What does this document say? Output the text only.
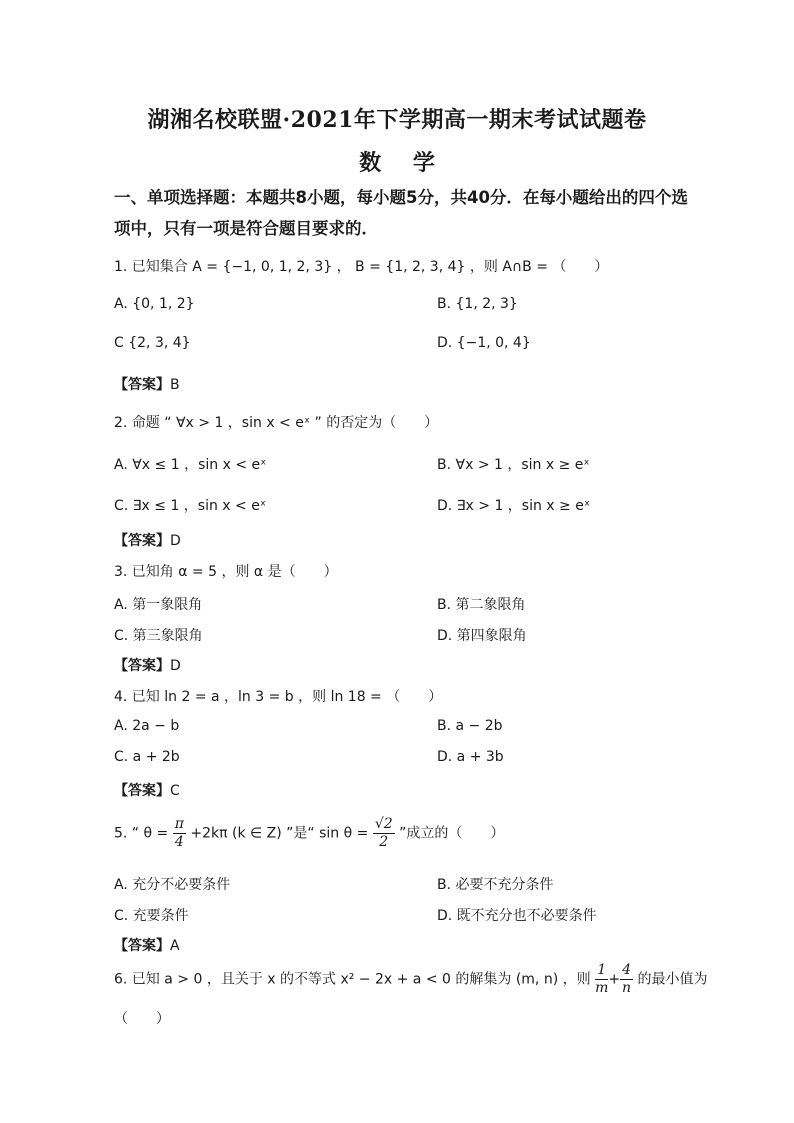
湖湘名校联盟·2021年下学期高一期末考试试题卷
数 学
一、单项选择题：本题共8小题，每小题5分，共40分．在每小题给出的四个选项中，只有一项是符合题目要求的．
1. 已知集合 A = {−1, 0, 1, 2, 3} ， B = {1, 2, 3, 4} ，则 A∩B = （　　）
A. {0, 1, 2}	B. {1, 2, 3}
C {2, 3, 4}	D. {−1, 0, 4}
【答案】B
2. 命题 “ ∀x > 1 ，sin x < eˣ ” 的否定为（　　）
A. ∀x ≤ 1 ，sin x < eˣ	B. ∀x > 1 ，sin x ≥ eˣ
C. ∃x ≤ 1 ，sin x < eˣ	D. ∃x > 1 ，sin x ≥ eˣ
【答案】D
3. 已知角 α = 5 ，则 α 是（　　）
A. 第一象限角	B. 第二象限角
C. 第三象限角	D. 第四象限角
【答案】D
4. 已知 ln 2 = a ，ln 3 = b ，则 ln 18 = （　　）
A. 2a − b	B. a − 2b
C. a + 2b	D. a + 3b
【答案】C
5. “ $\theta = \frac{\pi}{4} +2k\pi$ (k ∈ Z) ”是“ $\sin \theta = \frac{√2}{2}$ ”成立的（　　）
A. 充分不必要条件	B. 必要不充分条件
C. 充要条件	D. 既不充分也不必要条件
【答案】A
6. 已知 a > 0 ，且关于 x 的不等式 x² − 2x + a < 0 的解集为 (m, n) ，则 $\frac{1}{m} + \frac{4}{n}$ 的最小值为
（　　）
